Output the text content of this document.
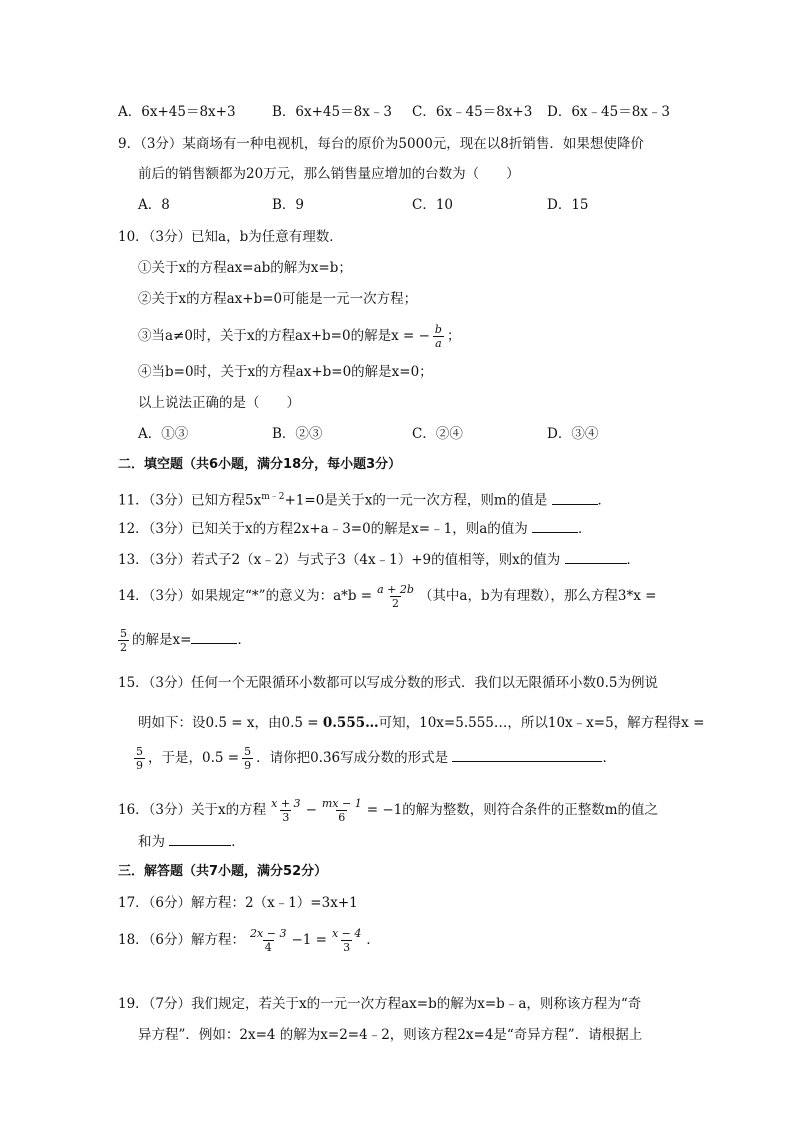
A．6x+45＝8x+3	B．6x+45＝8x﹣3 C．6x﹣45＝8x+3 D．6x﹣45＝8x﹣3
9．（3分）某商场有一种电视机，每台的原价为5000元，现在以8折销售．如果想使降价
前后的销售额都为20万元，那么销售量应增加的台数为（　　）
A．8	B．9	C．10	D．15
10．（3分）已知a，b为任意有理数．
①关于x的方程ax=ab的解为x=b；
②关于x的方程ax+b=0可能是一元一次方程；
③当a≠0时，关于x的方程ax+b=0的解是x = − $\frac{b}{a}$ ；
④当b=0时，关于x的方程ax+b=0的解是x=0；
以上说法正确的是（　　）
A．①③	B．②③	C．②④	D．③④
二．填空题（共6小题，满分18分，每小题3分）
11．（3分）已知方程$5x^{m﹣2}+1=0$是关于x的一元一次方程，则m的值是	．
12．（3分）已知关于x的方程2x+a﹣3=0的解是x=﹣1，则a的值为	．
13．（3分）若式子2（x﹣2）与式子3（4x﹣1）+9的值相等，则x的值为	．
14．（3分）如果规定“*”的意义为：$a*b = \frac{a + 2b}{2}$ （其中a，b为有理数），那么方程3*x =
$\frac{5}{2}$ 的解是x=	．
15．（3分）任何一个无限循环小数都可以写成分数的形式．我们以无限循环小数0.5̇为例说
明如下：设0.5̇ = x，由0.5̇ = 0.555…可知，10x=5.555…，所以10x﹣x=5，解方程得x =
$\frac{5}{9}$ ，于是，0.5̇ = $\frac{5}{9}$ ．请你把0.3̇6̇写成分数的形式是	．
16．（3分）关于x的方程 $\frac{x + 3}{3} - \frac{mx - 1}{6} = -1$的解为整数，则符合条件的正整数m的值之
和为	．
三．解答题（共7小题，满分52分）
17．（6分）解方程：2（x﹣1）=3x+1
18．（6分）解方程： $\frac{2x - 3}{4} -1 = \frac{x - 4}{3}$ ．
19．（7分）我们规定，若关于x的一元一次方程ax=b的解为x=b﹣a，则称该方程为“奇
异方程”．例如：2x=4 的解为x=2=4﹣2，则该方程2x=4是“奇异方程”．请根据上
